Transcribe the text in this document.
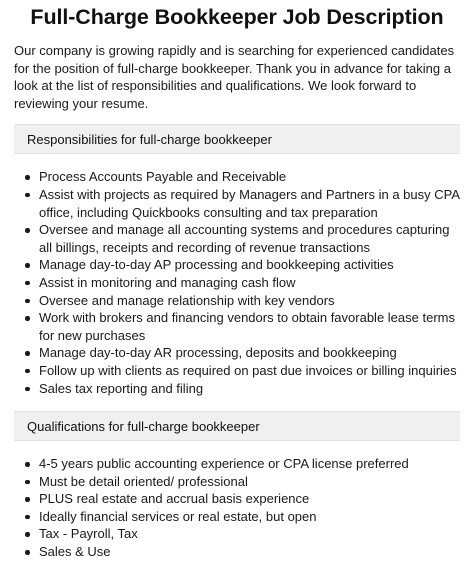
Full-Charge Bookkeeper Job Description

Our company is growing rapidly and is searching for experienced candidates for the position of full-charge bookkeeper. Thank you in advance for taking a look at the list of responsibilities and qualifications. We look forward to reviewing your resume.

Responsibilities for full-charge bookkeeper
Process Accounts Payable and Receivable
Assist with projects as required by Managers and Partners in a busy CPA office, including Quickbooks consulting and tax preparation
Oversee and manage all accounting systems and procedures capturing all billings, receipts and recording of revenue transactions
Manage day-to-day AP processing and bookkeeping activities
Assist in monitoring and managing cash flow
Oversee and manage relationship with key vendors
Work with brokers and financing vendors to obtain favorable lease terms for new purchases
Manage day-to-day AR processing, deposits and bookkeeping
Follow up with clients as required on past due invoices or billing inquiries
Sales tax reporting and filing
Qualifications for full-charge bookkeeper
4-5 years public accounting experience or CPA license preferred
Must be detail oriented/ professional
PLUS real estate and accrual basis experience
Ideally financial services or real estate, but open
Tax - Payroll, Tax
Sales & Use
